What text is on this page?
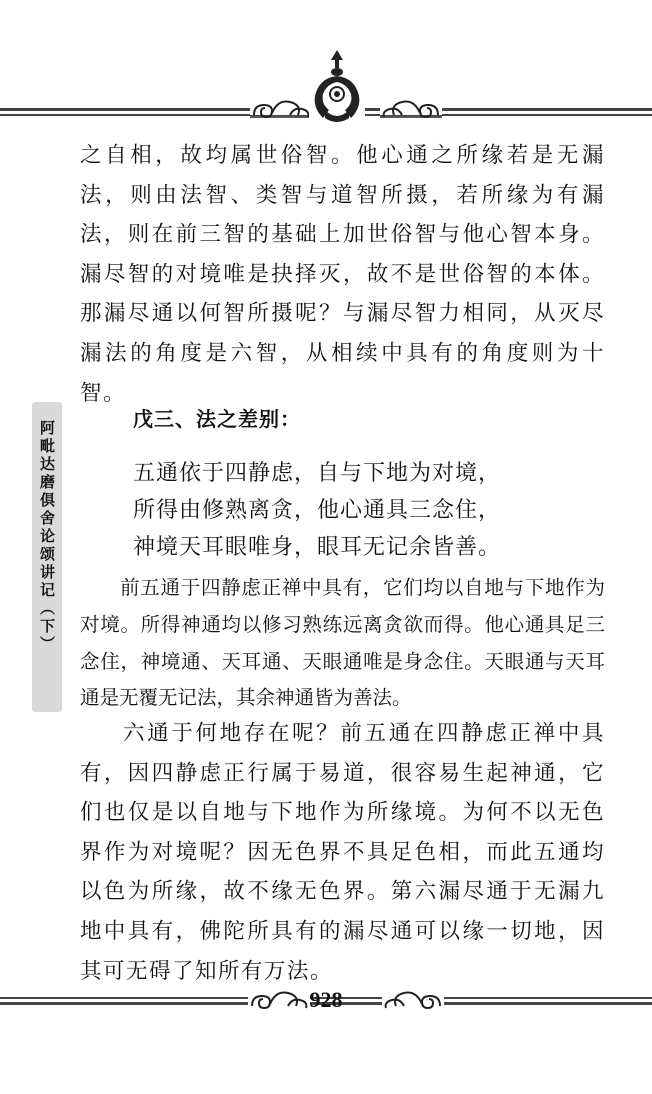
阿毗达磨俱舍论颂讲记（下）

之自相，故均属世俗智。他心通之所缘若是无漏法，则由法智、类智与道智所摄，若所缘为有漏法，则在前三智的基础上加世俗智与他心智本身。漏尽智的对境唯是抉择灭，故不是世俗智的本体。那漏尽通以何智所摄呢？与漏尽智力相同，从灭尽漏法的角度是六智，从相续中具有的角度则为十智。

戊三、法之差别：
五通依于四静虑，自与下地为对境，
所得由修熟离贪，他心通具三念住，
神境天耳眼唯身，眼耳无记余皆善。

前五通于四静虑正禅中具有，它们均以自地与下地作为对境。所得神通均以修习熟练远离贪欲而得。他心通具足三念住，神境通、天耳通、天眼通唯是身念住。天眼通与天耳通是无覆无记法，其余神通皆为善法。

六通于何地存在呢？前五通在四静虑正禅中具有，因四静虑正行属于易道，很容易生起神通，它们也仅是以自地与下地作为所缘境。为何不以无色界作为对境呢？因无色界不具足色相，而此五通均以色为所缘，故不缘无色界。第六漏尽通于无漏九地中具有，佛陀所具有的漏尽通可以缘一切地，因其可无碍了知所有万法。

928
